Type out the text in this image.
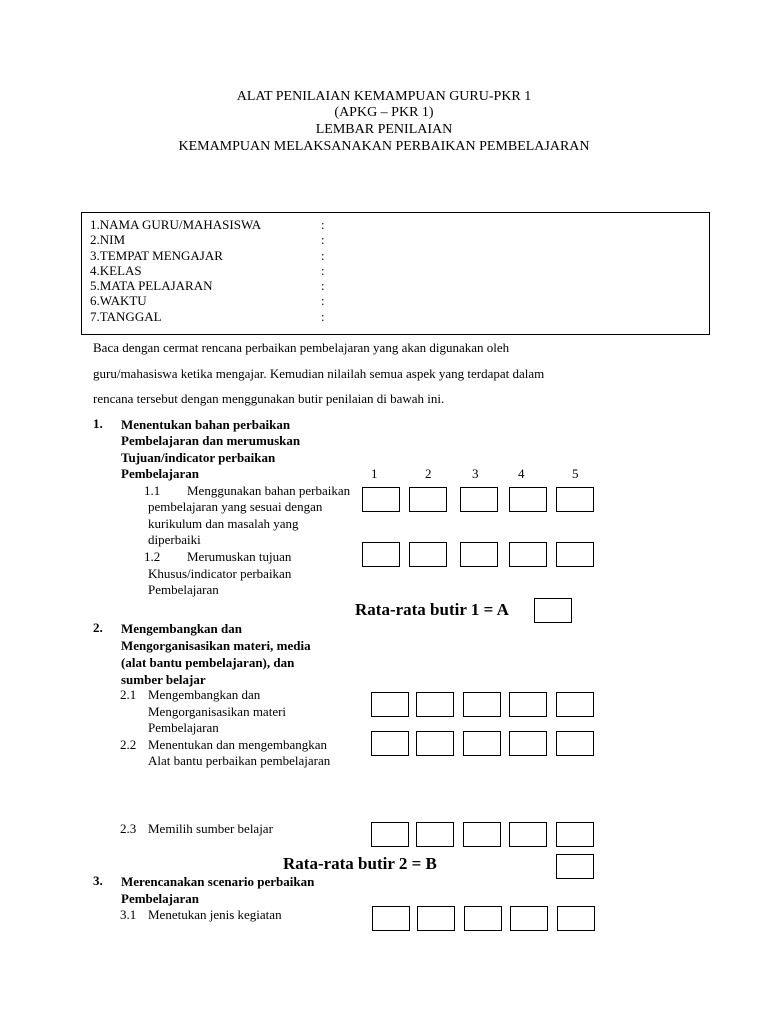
ALAT PENILAIAN KEMAMPUAN GURU-PKR 1
(APKG – PKR 1)
LEMBAR PENILAIAN
KEMAMPUAN MELAKSANAKAN PERBAIKAN PEMBELAJARAN
1.NAMA GURU/MAHASISWA	:
2.NIM	:
3.TEMPAT MENGAJAR	:
4.KELAS	:
5.MATA PELAJARAN	:
6.WAKTU	:
7.TANGGAL	:
Baca dengan cermat rencana perbaikan pembelajaran yang akan digunakan oleh
guru/mahasiswa ketika mengajar. Kemudian nilailah semua aspek yang terdapat dalam
rencana tersebut dengan menggunakan butir penilaian di bawah ini.
1. Menentukan bahan perbaikan
Pembelajaran dan merumuskan
Tujuan/indicator perbaikan
Pembelajaran	1	2	3	4	5
1.1 Menggunakan bahan perbaikan
pembelajaran yang sesuai dengan
kurikulum dan masalah yang
diperbaiki
1.2 Merumuskan tujuan
Khusus/indicator perbaikan
Pembelajaran
Rata-rata butir 1 = A
2. Mengembangkan dan
Mengorganisasikan materi, media
(alat bantu pembelajaran), dan
sumber belajar
2.1 Mengembangkan dan
Mengorganisasikan materi
Pembelajaran
2.2 Menentukan dan mengembangkan
Alat bantu perbaikan pembelajaran
2.3 Memilih sumber belajar
Rata-rata butir 2 = B
3. Merencanakan scenario perbaikan
Pembelajaran
3.1 Menetukan jenis kegiatan
